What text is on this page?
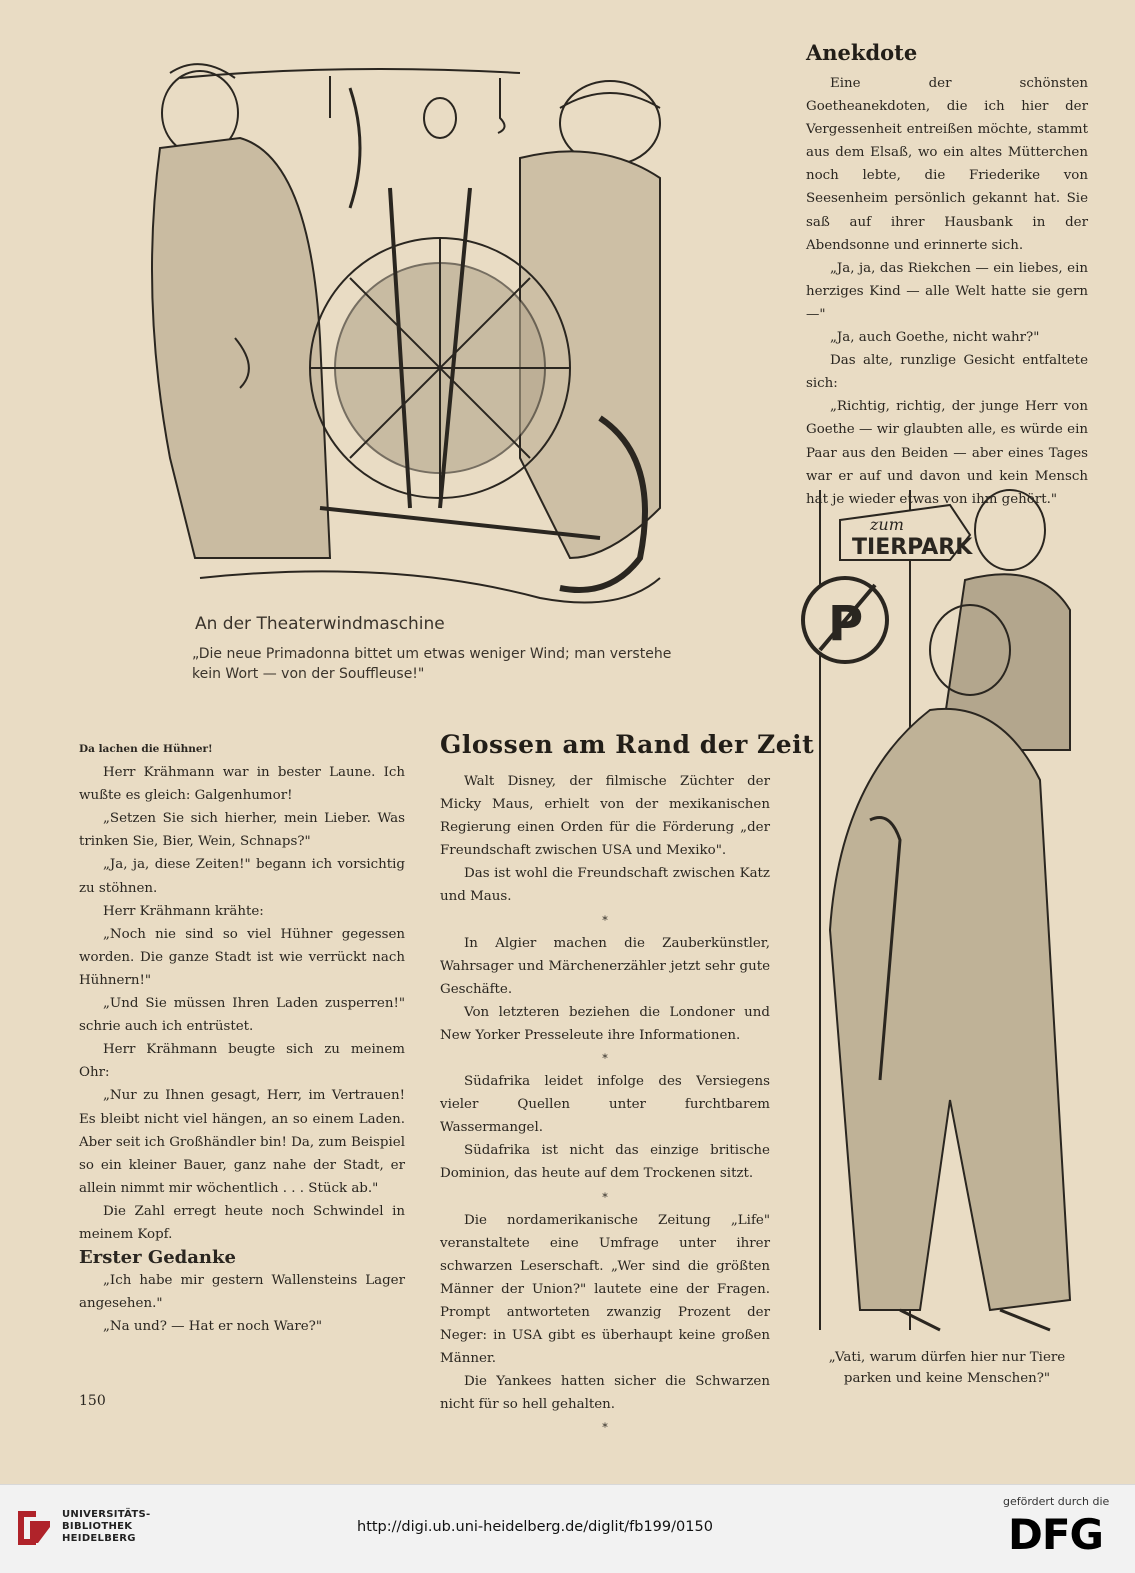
An der Theaterwindmaschine
„Die neue Primadonna bittet um etwas weniger Wind; man verstehe kein Wort — von der Souffleuse!"
Anekdote

Eine der schönsten Goetheanekdoten, die ich hier der Vergessenheit entreißen möchte, stammt aus dem Elsaß, wo ein altes Mütterchen noch lebte, die Friederike von Seesenheim persönlich gekannt hat. Sie saß auf ihrer Hausbank in der Abendsonne und erinnerte sich.

„Ja, ja, das Riekchen — ein liebes, ein herziges Kind — alle Welt hatte sie gern —"

„Ja, auch Goethe, nicht wahr?"

Das alte, runzlige Gesicht entfaltete sich:

„Richtig, richtig, der junge Herr von Goethe — wir glaubten alle, es würde ein Paar aus den Beiden — aber eines Tages war er auf und davon und kein Mensch hat je wieder etwas von ihm gehört."

zum
TIERPARK
P

Da lachen die Hühner!

Herr Krähmann war in bester Laune. Ich wußte es gleich: Galgenhumor!

„Setzen Sie sich hierher, mein Lieber. Was trinken Sie, Bier, Wein, Schnaps?"

„Ja, ja, diese Zeiten!" begann ich vorsichtig zu stöhnen.

Herr Krähmann krähte:

„Noch nie sind so viel Hühner gegessen worden. Die ganze Stadt ist wie verrückt nach Hühnern!"

„Und Sie müssen Ihren Laden zusperren!" schrie auch ich entrüstet.

Herr Krähmann beugte sich zu meinem Ohr:

„Nur zu Ihnen gesagt, Herr, im Vertrauen! Es bleibt nicht viel hängen, an so einem Laden. Aber seit ich Großhändler bin! Da, zum Beispiel so ein kleiner Bauer, ganz nahe der Stadt, er allein nimmt mir wöchentlich . . . Stück ab."

Die Zahl erregt heute noch Schwindel in meinem Kopf.

Erster Gedanke

„Ich habe mir gestern Wallensteins Lager angesehen."

„Na und? — Hat er noch Ware?"

Glossen am Rand der Zeit

Walt Disney, der filmische Züchter der Micky Maus, erhielt von der mexikanischen Regierung einen Orden für die Förderung „der Freundschaft zwischen USA und Mexiko".

Das ist wohl die Freundschaft zwischen Katz und Maus.

*

In Algier machen die Zauberkünstler, Wahrsager und Märchenerzähler jetzt sehr gute Geschäfte.

Von letzteren beziehen die Londoner und New Yorker Presseleute ihre Informationen.

*

Südafrika leidet infolge des Versiegens vieler Quellen unter furchtbarem Wassermangel.

Südafrika ist nicht das einzige britische Dominion, das heute auf dem Trockenen sitzt.

*

Die nordamerikanische Zeitung „Life" veranstaltete eine Umfrage unter ihrer schwarzen Leserschaft. „Wer sind die größten Männer der Union?" lautete eine der Fragen. Prompt antworteten zwanzig Prozent der Neger: in USA gibt es überhaupt keine großen Männer.

Die Yankees hatten sicher die Schwarzen nicht für so hell gehalten.

*

„Vati, warum dürfen hier nur Tiere parken und keine Menschen?"
150
UNIVERSITÄTS-
BIBLIOTHEK
HEIDELBERG
http://digi.ub.uni-heidelberg.de/diglit/fb199/0150
gefördert durch die
DFG
